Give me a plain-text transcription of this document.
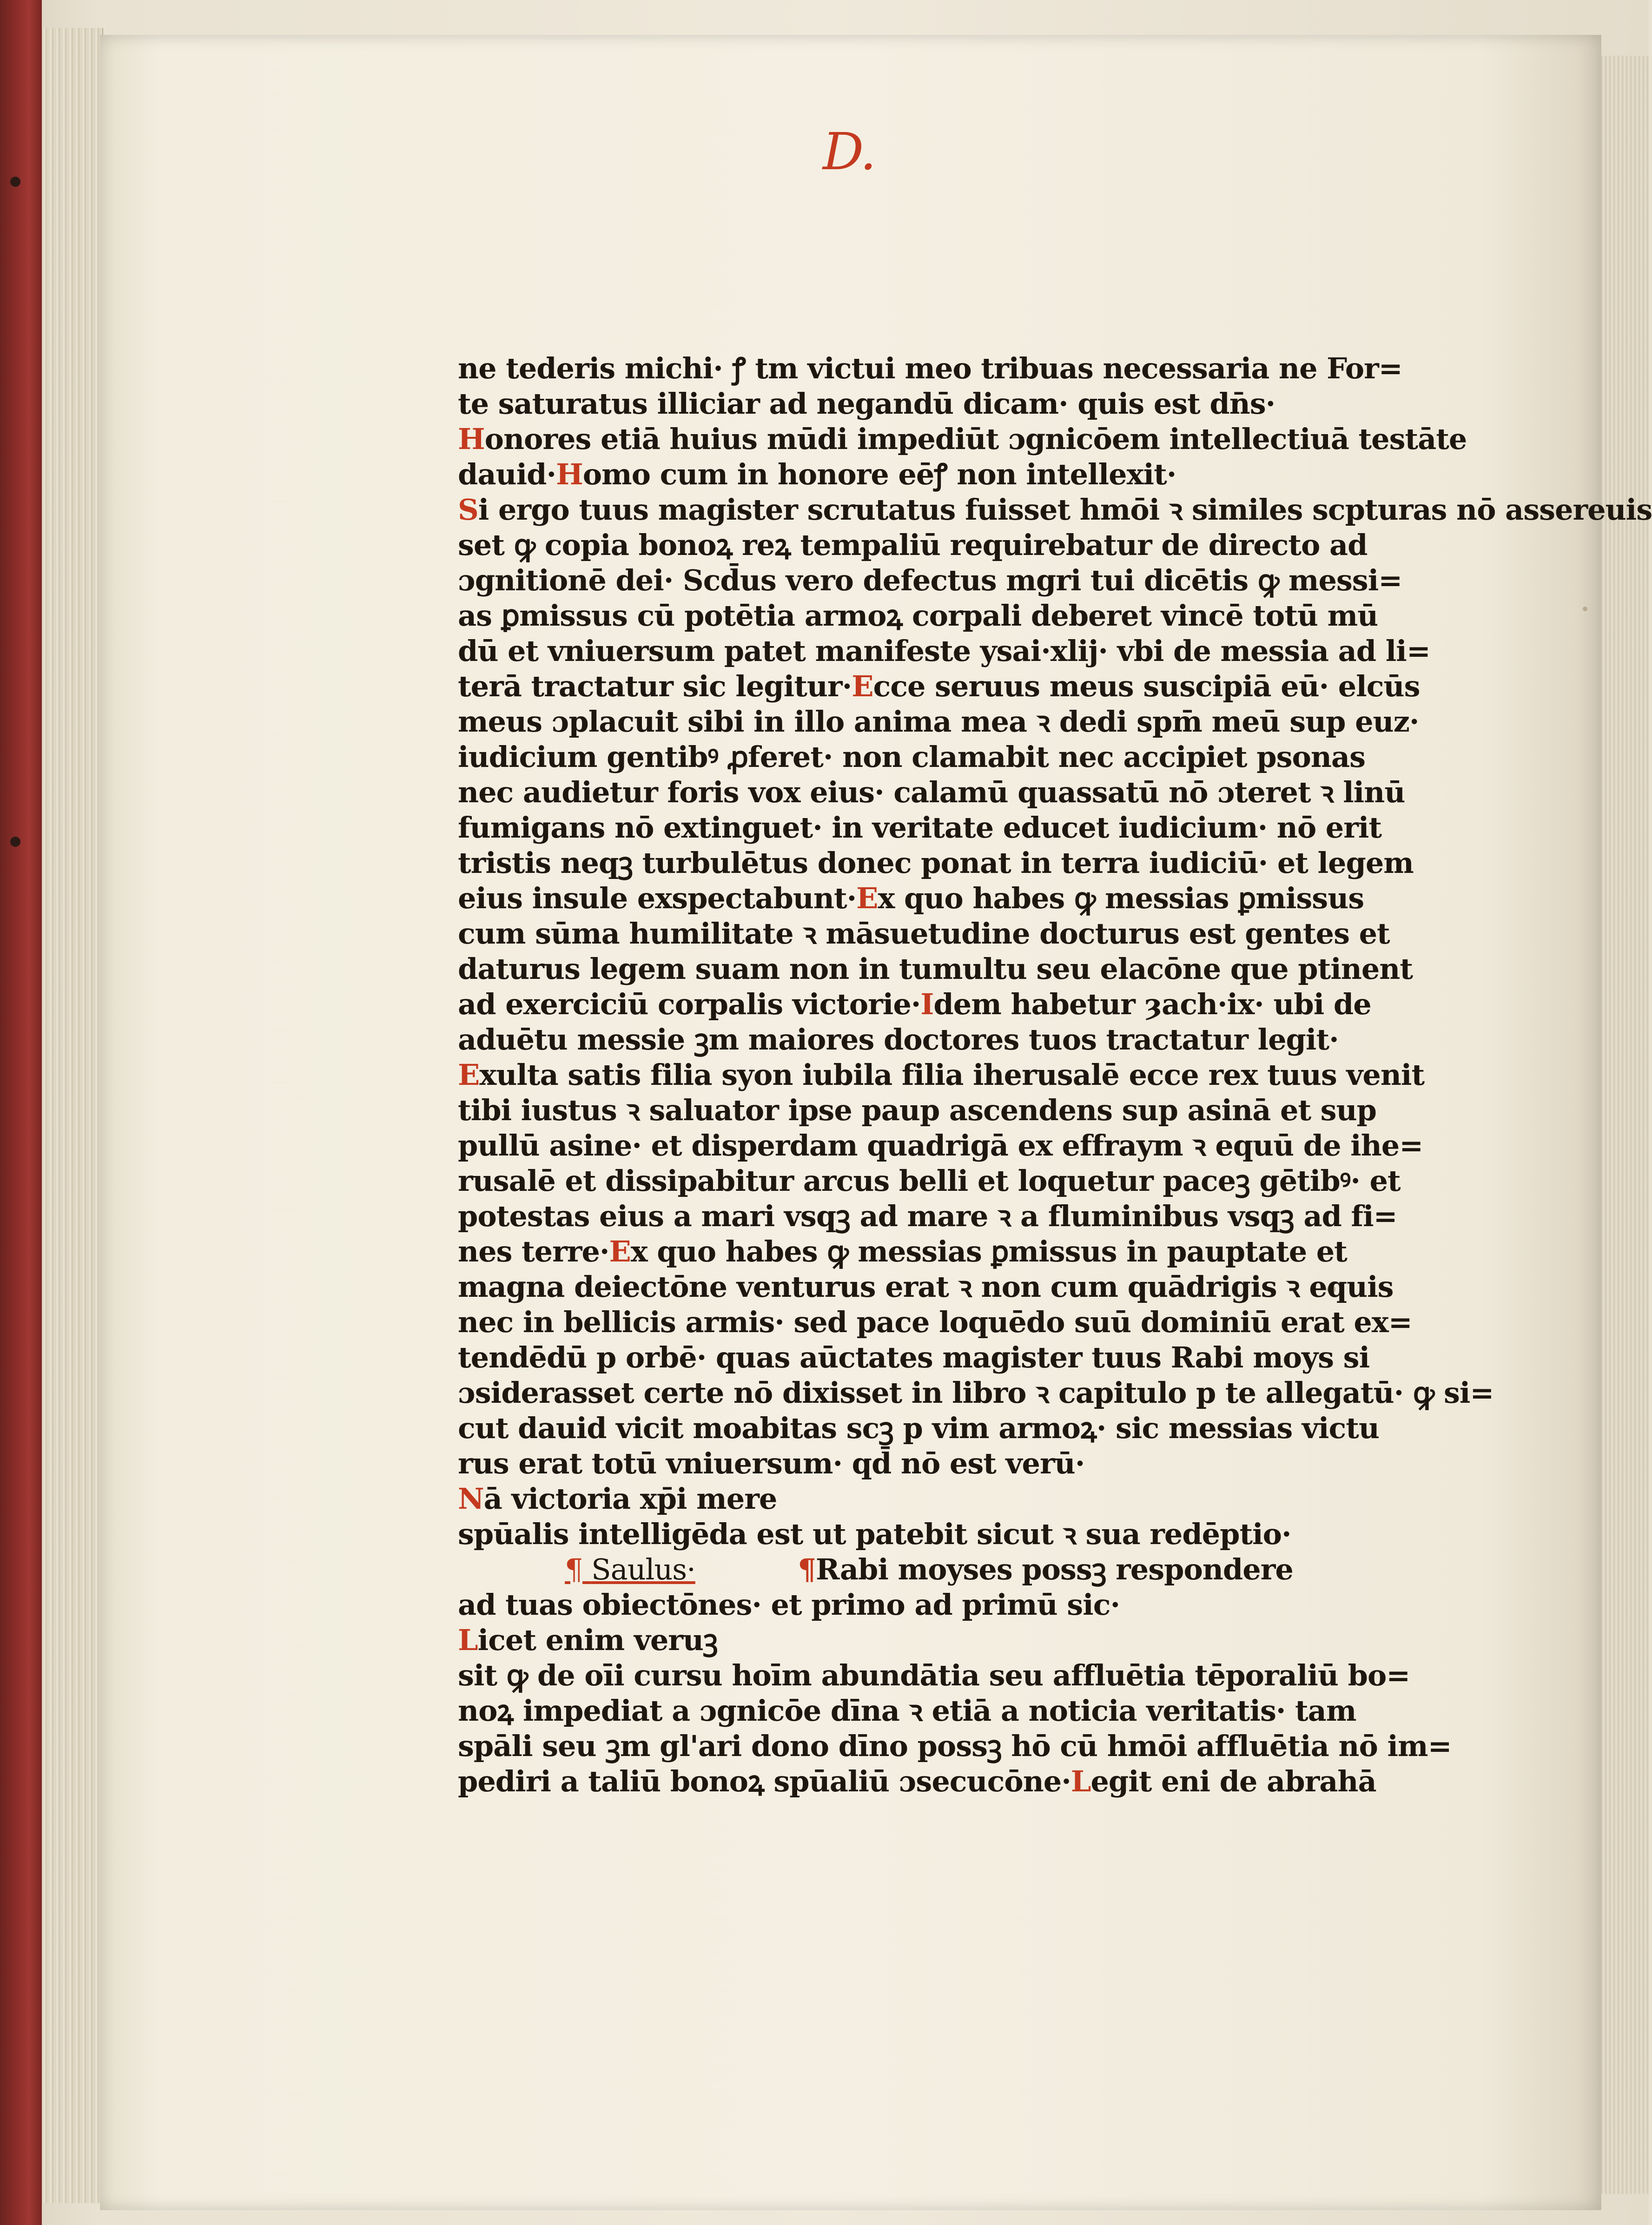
D.
ne tederis michi· ꝭ tm victui meo tribuas necessaria ne For=
te saturatus illiciar ad negandū dicam· quis est dn̄s·
Honores etiā huius mūdi impediūt ɔgnicōem intellectiuā testāte
dauid·Homo cum in honore eēꝭ non intellexit·
Si ergo tuus magister scrutatus fuisset hmōi ꝛ similes scpturas nō assereuis
set ꝙ copia bonoꝝ reꝝ tempaliū requirebatur de directo ad
ɔgnitionē dei· Scd̄us vero defectus mgri tui dicētis ꝙ messi=
as ꝑmissus cū potētia armoꝝ corpali deberet vincē totū mū
dū et vniuersum patet manifeste ysai·xlij· vbi de messia ad li=
terā tractatur sic legitur·Ecce seruus meus suscipiā eū· elcūs
meus ɔplacuit sibi in illo anima mea ꝛ dedi spm̄ meū sup euz·
iudicium gentibꝰ ꝓferet· non clamabit nec accipiet psonas
nec audietur foris vox eius· calamū quassatū nō ɔteret ꝛ linū
fumigans nō extinguet· in veritate educet iudicium· nō erit
tristis neqꝫ turbulētus donec ponat in terra iudiciū· et legem
eius insule exspectabunt·Ex quo habes ꝙ messias ꝑmissus
cum sūma humilitate ꝛ māsuetudine docturus est gentes et
daturus legem suam non in tumultu seu elacōne que ptinent
ad exerciciū corpalis victorie·Idem habetur ȝach·ix· ubi de
aduētu messie ꝫm maiores doctores tuos tractatur legit·
Exulta satis filia syon iubila filia iherusalē ecce rex tuus venit
tibi iustus ꝛ saluator ipse paup ascendens sup asinā et sup
pullū asine· et disperdam quadrigā ex effraym ꝛ equū de ihe=
rusalē et dissipabitur arcus belli et loquetur paceꝫ gētibꝰ· et
potestas eius a mari vsqꝫ ad mare ꝛ a fluminibus vsqꝫ ad fi=
nes terre·Ex quo habes ꝙ messias ꝑmissus in pauptate et
magna deiectōne venturus erat ꝛ non cum quādrigis ꝛ equis
nec in bellicis armis· sed pace loquēdo suū dominiū erat ex=
tendēdū p orbē· quas aūctates magister tuus Rabi moys si
ɔsiderasset certe nō dixisset in libro ꝛ capitulo p te allegatū· ꝙ si=
cut dauid vicit moabitas scꝫ p vim armoꝝ· sic messias victu
rus erat totū vniuersum· qd̄ nō est verū·
Nā victoria xp̄i mere
spūalis intelligēda est ut patebit sicut ꝛ sua redēptio·
¶ Saulus·	¶Rabi moyses possꝫ respondere
ad tuas obiectōnes· et primo ad primū sic·
Licet enim veruꝫ
sit ꝙ de oīi cursu hoīm abundātia seu affluētia tēporaliū bo=
noꝝ impediat a ɔgnicōe dīna ꝛ etiā a noticia veritatis· tam
spāli seu ꝫm gl'ari dono dīno possꝫ hō cū hmōi affluētia nō im=
pediri a taliū bonoꝝ spūaliū ɔsecucōne·Legit eni de abrahā
